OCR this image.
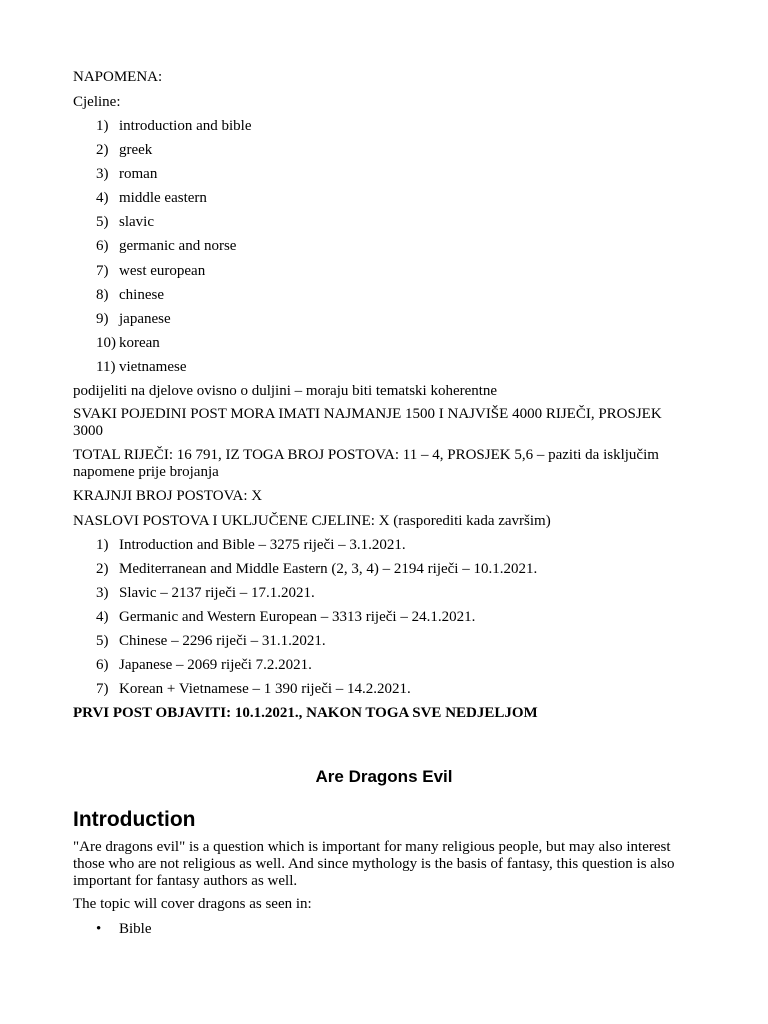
NAPOMENA:

Cjeline:

1) introduction and bible
2) greek
3) roman
4) middle eastern
5) slavic
6) germanic and norse
7) west european
8) chinese
9) japanese
10) korean
11) vietnamese

podijeliti na djelove ovisno o duljini – moraju biti tematski koherentne

SVAKI POJEDINI POST MORA IMATI NAJMANJE 1500 I NAJVIŠE 4000 RIJEČI, PROSJEK 3000

TOTAL RIJEČI: 16 791, IZ TOGA BROJ POSTOVA: 11 – 4, PROSJEK 5,6 – paziti da isključim napomene prije brojanja

KRAJNJI BROJ POSTOVA: X

NASLOVI POSTOVA I UKLJUČENE CJELINE: X (rasporediti kada završim)

1) Introduction and Bible – 3275 riječi – 3.1.2021.
2) Mediterranean and Middle Eastern (2, 3, 4) – 2194 riječi – 10.1.2021.
3) Slavic – 2137 riječi – 17.1.2021.
4) Germanic and Western European – 3313 riječi – 24.1.2021.
5) Chinese – 2296 riječi – 31.1.2021.
6) Japanese – 2069 riječi 7.2.2021.
7) Korean + Vietnamese – 1 390 riječi – 14.2.2021.

PRVI POST OBJAVITI: 10.1.2021., NAKON TOGA SVE NEDJELJOM

Are Dragons Evil
Introduction

"Are dragons evil" is a question which is important for many religious people, but may also interest those who are not religious as well. And since mythology is the basis of fantasy, this question is also important for fantasy authors as well.

The topic will cover dragons as seen in:

• Bible
